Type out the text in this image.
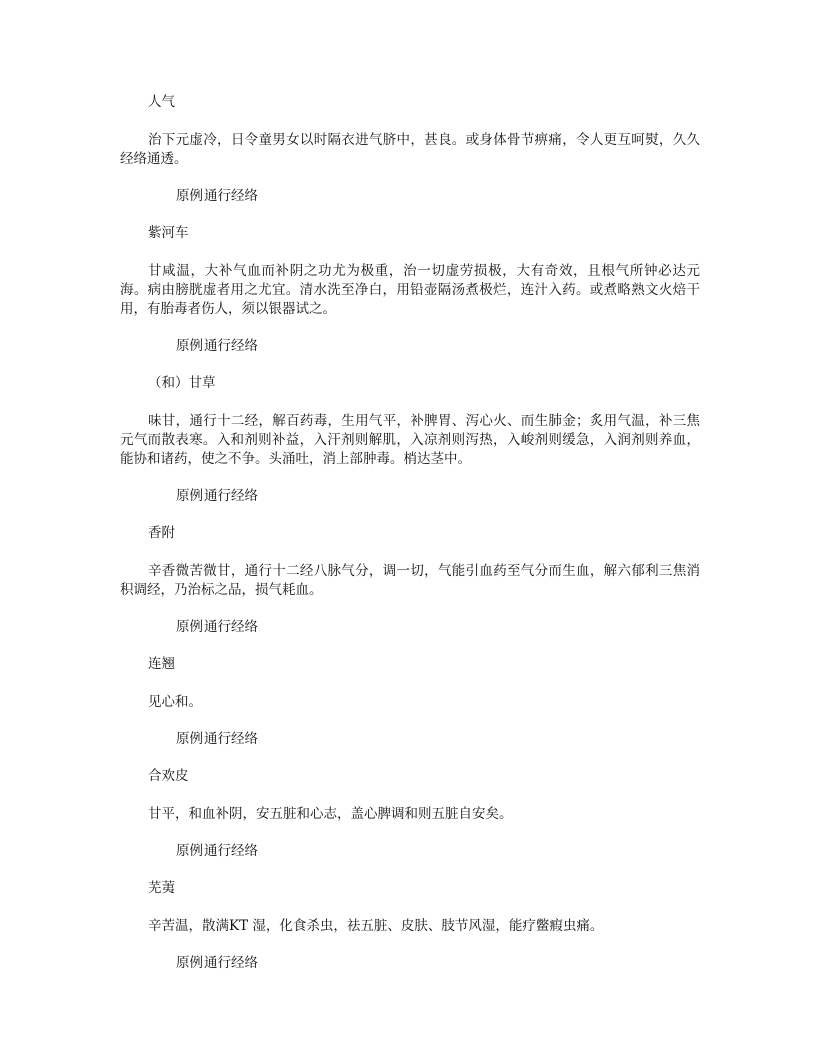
人气

治下元虚冷，日令童男女以时隔衣进气脐中，甚良。或身体骨节痹痛，令人更互呵熨，久久经络通透。

原例通行经络

紫河车

甘咸温，大补气血而补阴之功尤为极重，治一切虚劳损极，大有奇效，且根气所钟必达元海。病由膀胱虚者用之尤宜。清水洗至净白，用铅壶隔汤煮极烂，连汁入药。或煮略熟文火焙干用，有胎毒者伤人，须以银器试之。

原例通行经络

（和）甘草

味甘，通行十二经，解百药毒，生用气平，补脾胃、泻心火、而生肺金；炙用气温，补三焦元气而散表寒。入和剂则补益，入汗剂则解肌，入凉剂则泻热，入峻剂则缓急，入润剂则养血，能协和诸药，使之不争。头涌吐，消上部肿毒。梢达茎中。

原例通行经络

香附

辛香微苦微甘，通行十二经八脉气分，调一切，气能引血药至气分而生血，解六郁利三焦消积调经，乃治标之品，损气耗血。

原例通行经络

连翘

见心和。

原例通行经络

合欢皮

甘平，和血补阴，安五脏和心志，盖心脾调和则五脏自安矣。

原例通行经络

芜荑

辛苦温，散满KT 湿，化食杀虫，祛五脏、皮肤、肢节风湿，能疗鳖瘕虫痛。

原例通行经络
